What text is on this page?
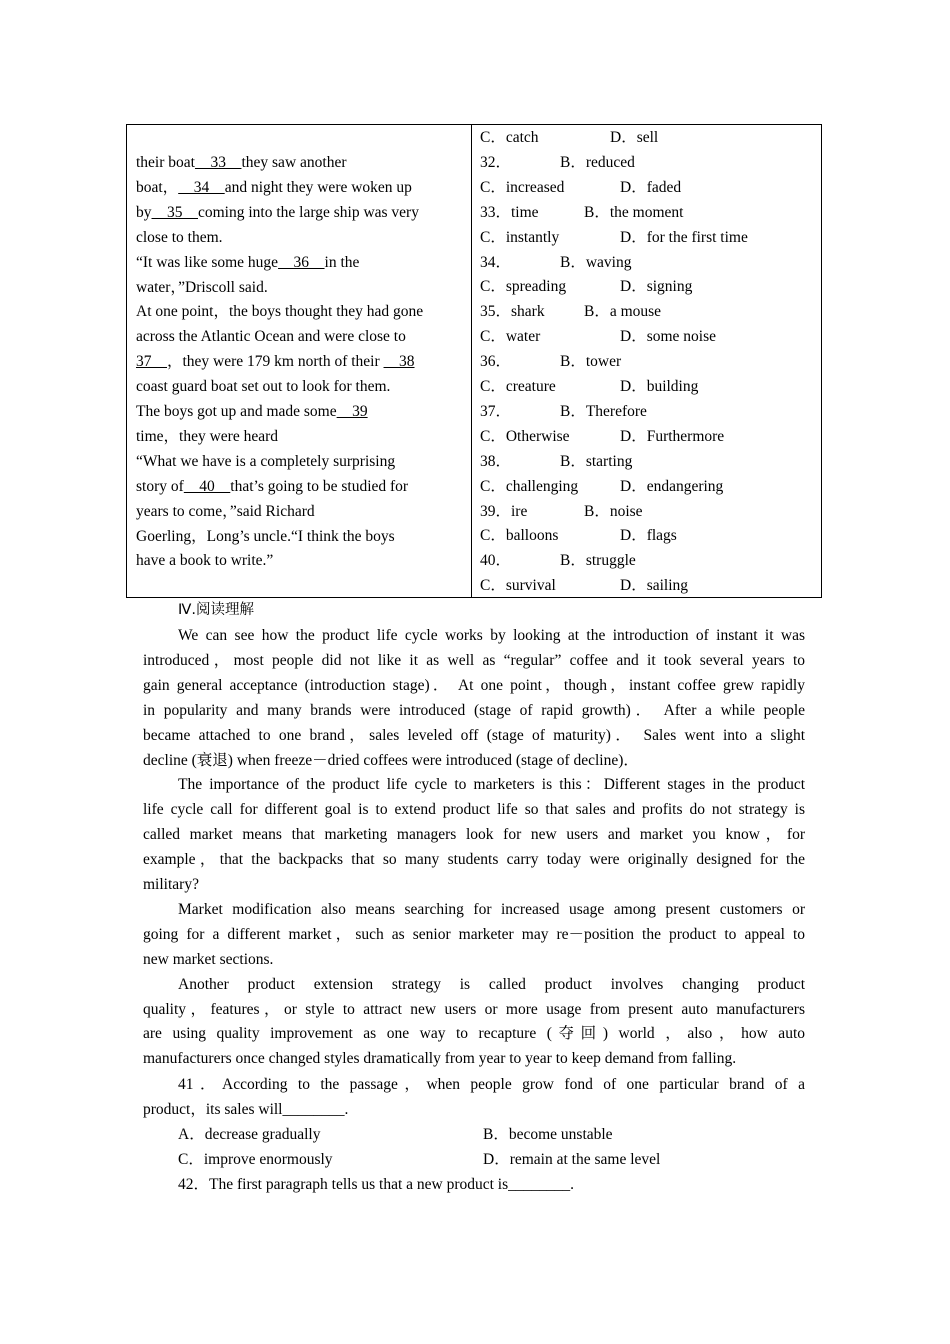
their boat    33    they saw another
boat，    34    and night they were woken up
by    35    coming into the large ship was very
close to them.
“It was like some huge    36    in the
water，”Driscoll said.
At one point，the boys thought they had gone
across the Atlantic Ocean and were close to
37    ，they were 179 km north of their     38
coast guard boat set out to look for them.
The boys got up and made some    39
time，they were heard
“What we have is a completely surprising
story of    40    that’s going to be studied for
years to come，”said Richard
Goerling，Long’s uncle.“I think the boys
have a book to write.”
C．catch	D．sell
32．	B．reduced
C．increased	D．faded
33．time	B．the moment
C．instantly	D．for the first time
34．	B．waving
C．spreading	D．signing
35．shark	B．a mouse
C．water	D．some noise
36．	B．tower
C．creature	D．building
37．	B．Therefore
C．Otherwise	D．Furthermore
38．	B．starting
C．challenging	D．endangering
39．ire	B．noise
C．balloons	D．flags
40．	B．struggle
C．survival	D．sailing
Ⅳ.阅读理解
We can see how the product life cycle works by looking at the introduction of instant it was
introduced，most people did not like it as well as “regular” coffee and it took several years to
gain general acceptance (introduction stage)． At one point，though，instant coffee grew rapidly
in popularity and many brands were introduced (stage of rapid growth)． After a while people
became attached to one brand，sales leveled off (stage of maturity)． Sales went into a slight
decline (衰退) when freeze－dried coffees were introduced (stage of decline)．
The importance of the product life cycle to marketers is this：Different stages in the product
life cycle call for different goal is to extend product life so that sales and profits do not strategy is
called market means that marketing managers look for new users and market you know，for
example，that the backpacks that so many students carry today were originally designed for the
military?
Market modification also means searching for increased usage among present customers or
going for a different market，such as senior marketer may re－position the product to appeal to
new market sections.
Another product extension strategy is called product involves changing product
quality，features，or style to attract new users or more usage from present auto manufacturers
are using quality improvement as one way to recapture (夺回) world ，also，how auto
manufacturers once changed styles dramatically from year to year to keep demand from falling.
41．According to the passage，when people grow fond of one particular brand of a
product，its sales will________.
A．decrease gradually	B．become unstable
C．improve enormously	D．remain at the same level
42．The first paragraph tells us that a new product is________.
